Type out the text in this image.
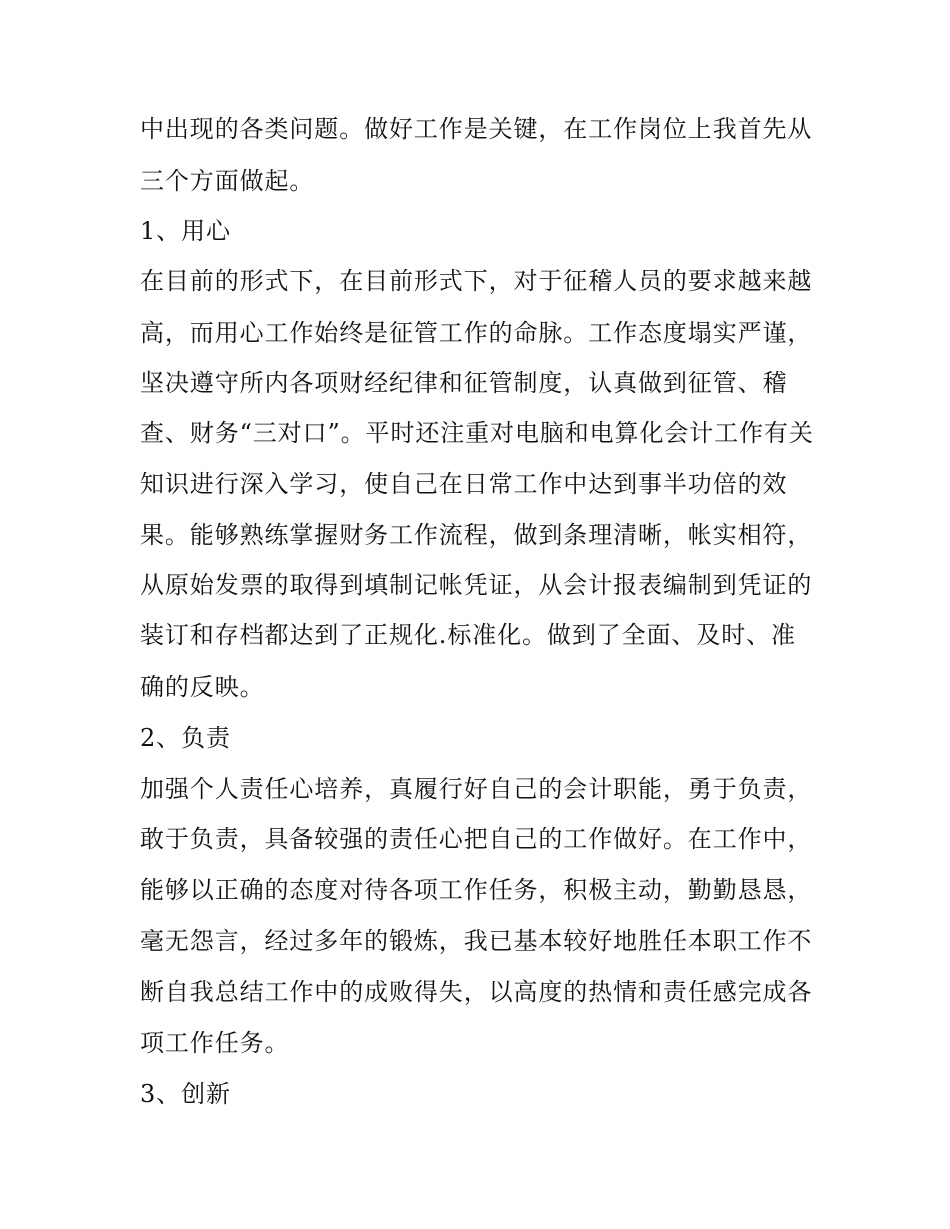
中出现的各类问题。做好工作是关键，在工作岗位上我首先从
三个方面做起。
1、用心
在目前的形式下，在目前形式下，对于征稽人员的要求越来越
高，而用心工作始终是征管工作的命脉。工作态度塌实严谨，
坚决遵守所内各项财经纪律和征管制度，认真做到征管、稽
查、财务“三对口”。平时还注重对电脑和电算化会计工作有关
知识进行深入学习，使自己在日常工作中达到事半功倍的效
果。能够熟练掌握财务工作流程，做到条理清晰，帐实相符，
从原始发票的取得到填制记帐凭证，从会计报表编制到凭证的
装订和存档都达到了正规化.标准化。做到了全面、及时、准
确的反映。
2、负责
加强个人责任心培养，真履行好自己的会计职能，勇于负责，
敢于负责，具备较强的责任心把自己的工作做好。在工作中，
能够以正确的态度对待各项工作任务，积极主动，勤勤恳恳，
毫无怨言，经过多年的锻炼，我已基本较好地胜任本职工作不
断自我总结工作中的成败得失，以高度的热情和责任感完成各
项工作任务。
3、创新
